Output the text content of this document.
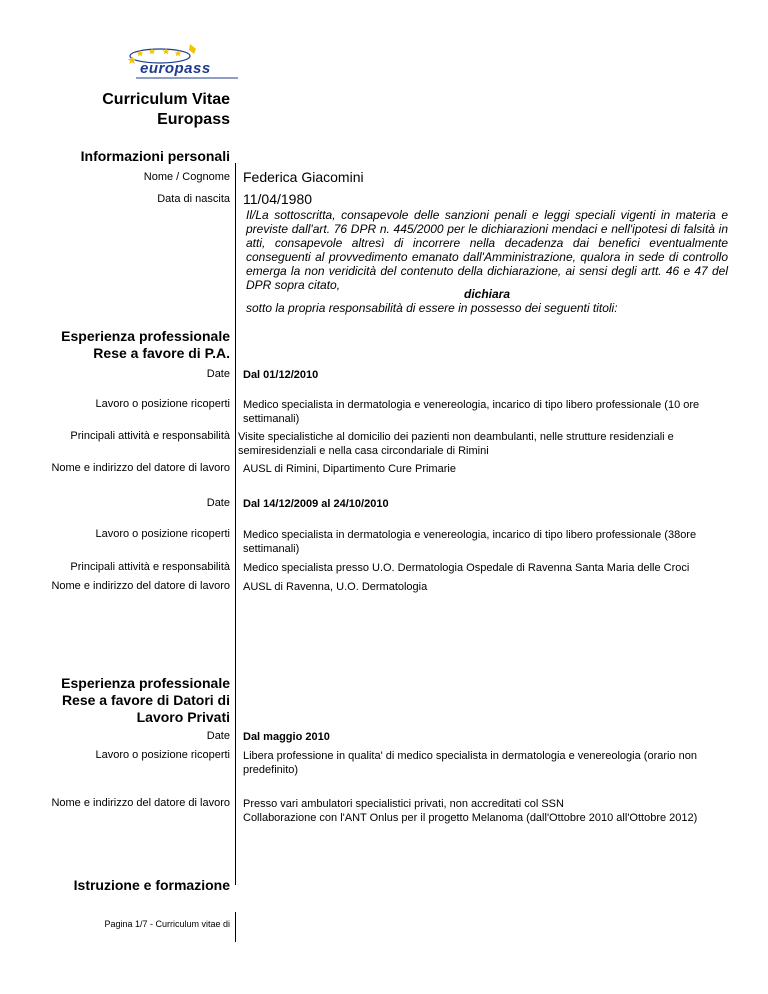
europass
Curriculum Vitae
Europass
Informazioni personali
Nome / Cognome Federica Giacomini
Data di nascita 11/04/1980
Il/La sottoscritta, consapevole delle sanzioni penali e leggi speciali vigenti in materia e previste dall'art. 76 DPR n. 445/2000 per le dichiarazioni mendaci e nell'ipotesi di falsità in atti, consapevole altresì di incorrere nella decadenza dai benefici eventualmente conseguenti al provvedimento emanato dall'Amministrazione, qualora in sede di controllo emerga la non veridicità del contenuto della dichiarazione, ai sensi degli artt. 46 e 47 del DPR sopra citato,
dichiara
sotto la propria responsabilità di essere in possesso dei seguenti titoli:
Esperienza professionale
Rese a favore di P.A.
Date Dal 01/12/2010
Lavoro o posizione ricoperti Medico specialista in dermatologia e venereologia, incarico di tipo libero professionale (10 ore settimanali)
Principali attività e responsabilità Visite specialistiche al domicilio dei pazienti non deambulanti, nelle strutture residenziali e semiresidenziali e nella casa circondariale di Rimini
Nome e indirizzo del datore di lavoro AUSL di Rimini, Dipartimento Cure Primarie
Date Dal 14/12/2009 al 24/10/2010
Lavoro o posizione ricoperti Medico specialista in dermatologia e venereologia, incarico di tipo libero professionale (38ore settimanali)
Principali attività e responsabilità Medico specialista presso U.O. Dermatologia Ospedale di Ravenna Santa Maria delle Croci
Nome e indirizzo del datore di lavoro AUSL di Ravenna, U.O. Dermatologia
Esperienza professionale
Rese a favore di Datori di
Lavoro Privati
Date Dal maggio 2010
Lavoro o posizione ricoperti Libera professione in qualita' di medico specialista in dermatologia e venereologia (orario non predefinito)
Nome e indirizzo del datore di lavoro Presso vari ambulatori specialistici privati, non accreditati col SSN
Collaborazione con l'ANT Onlus per il progetto Melanoma (dall'Ottobre 2010 all'Ottobre 2012)
Istruzione e formazione
Pagina 1/7 - Curriculum vitae di
